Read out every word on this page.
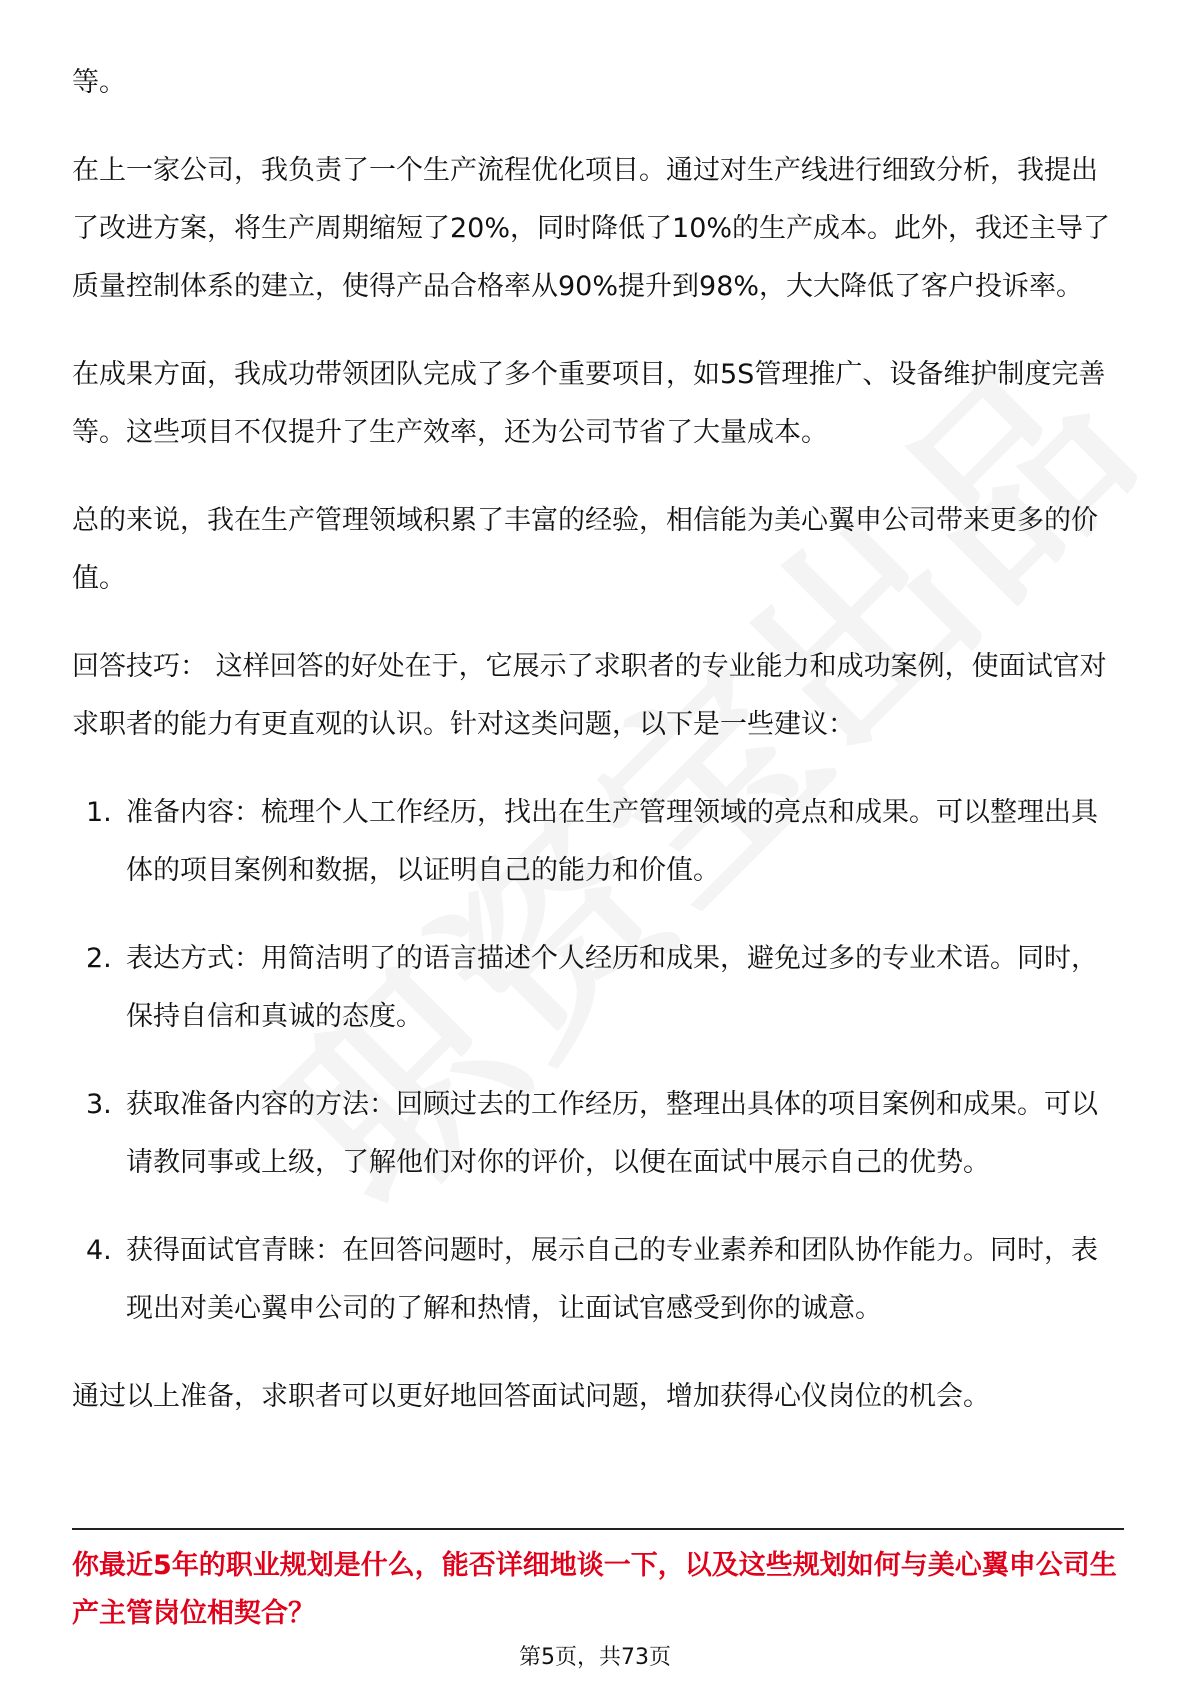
等。

在上一家公司，我负责了一个生产流程优化项目。通过对生产线进行细致分析，我提出了改进方案，将生产周期缩短了20%，同时降低了10%的生产成本。此外，我还主导了质量控制体系的建立，使得产品合格率从90%提升到98%，大大降低了客户投诉率。

在成果方面，我成功带领团队完成了多个重要项目，如5S管理推广、设备维护制度完善等。这些项目不仅提升了生产效率，还为公司节省了大量成本。

总的来说，我在生产管理领域积累了丰富的经验，相信能为美心翼申公司带来更多的价值。

回答技巧： 这样回答的好处在于，它展示了求职者的专业能力和成功案例，使面试官对求职者的能力有更直观的认识。针对这类问题，以下是一些建议：

1. 准备内容：梳理个人工作经历，找出在生产管理领域的亮点和成果。可以整理出具体的项目案例和数据，以证明自己的能力和价值。
2. 表达方式：用简洁明了的语言描述个人经历和成果，避免过多的专业术语。同时，保持自信和真诚的态度。
3. 获取准备内容的方法：回顾过去的工作经历，整理出具体的项目案例和成果。可以请教同事或上级，了解他们对你的评价，以便在面试中展示自己的优势。
4. 获得面试官青睐：在回答问题时，展示自己的专业素养和团队协作能力。同时，表现出对美心翼申公司的了解和热情，让面试官感受到你的诚意。

通过以上准备，求职者可以更好地回答面试问题，增加获得心仪岗位的机会。

你最近5年的职业规划是什么，能否详细地谈一下，以及这些规划如何与美心翼申公司生产主管岗位相契合？

第5页，共73页
